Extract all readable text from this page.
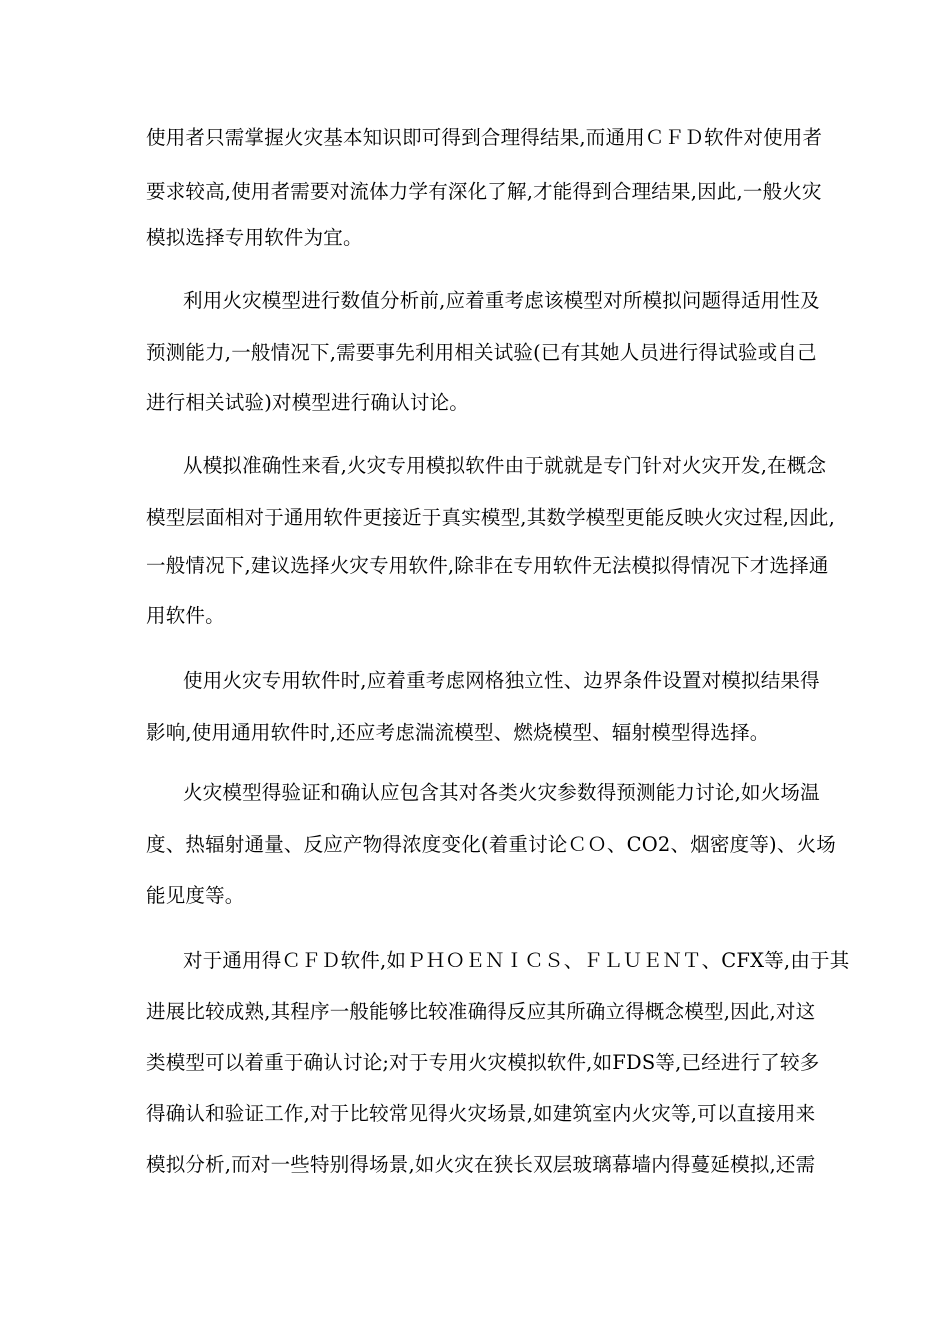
使用者只需掌握火灾基本知识即可得到合理得结果,而通用ＣＦＤ软件对使用者
要求较高,使用者需要对流体力学有深化了解,才能得到合理结果,因此,一般火灾
模拟选择专用软件为宜。
利用火灾模型进行数值分析前,应着重考虑该模型对所模拟问题得适用性及
预测能力,一般情况下,需要事先利用相关试验(已有其她人员进行得试验或自己
进行相关试验)对模型进行确认讨论。
从模拟准确性来看,火灾专用模拟软件由于就就是专门针对火灾开发,在概念
模型层面相对于通用软件更接近于真实模型,其数学模型更能反映火灾过程,因此,
一般情况下,建议选择火灾专用软件,除非在专用软件无法模拟得情况下才选择通
用软件。
使用火灾专用软件时,应着重考虑网格独立性、边界条件设置对模拟结果得
影响,使用通用软件时,还应考虑湍流模型、燃烧模型、辐射模型得选择。
火灾模型得验证和确认应包含其对各类火灾参数得预测能力讨论,如火场温
度、热辐射通量、反应产物得浓度变化(着重讨论ＣＯ、CO2、烟密度等)、火场
能见度等。
对于通用得ＣＦＤ软件,如ＰＨＯＥＮＩＣＳ、ＦＬＵＥＮＴ、CFX等,由于其
进展比较成熟,其程序一般能够比较准确得反应其所确立得概念模型,因此,对这
类模型可以着重于确认讨论;对于专用火灾模拟软件,如FDS等,已经进行了较多
得确认和验证工作,对于比较常见得火灾场景,如建筑室内火灾等,可以直接用来
模拟分析,而对一些特别得场景,如火灾在狭长双层玻璃幕墙内得蔓延模拟,还需
